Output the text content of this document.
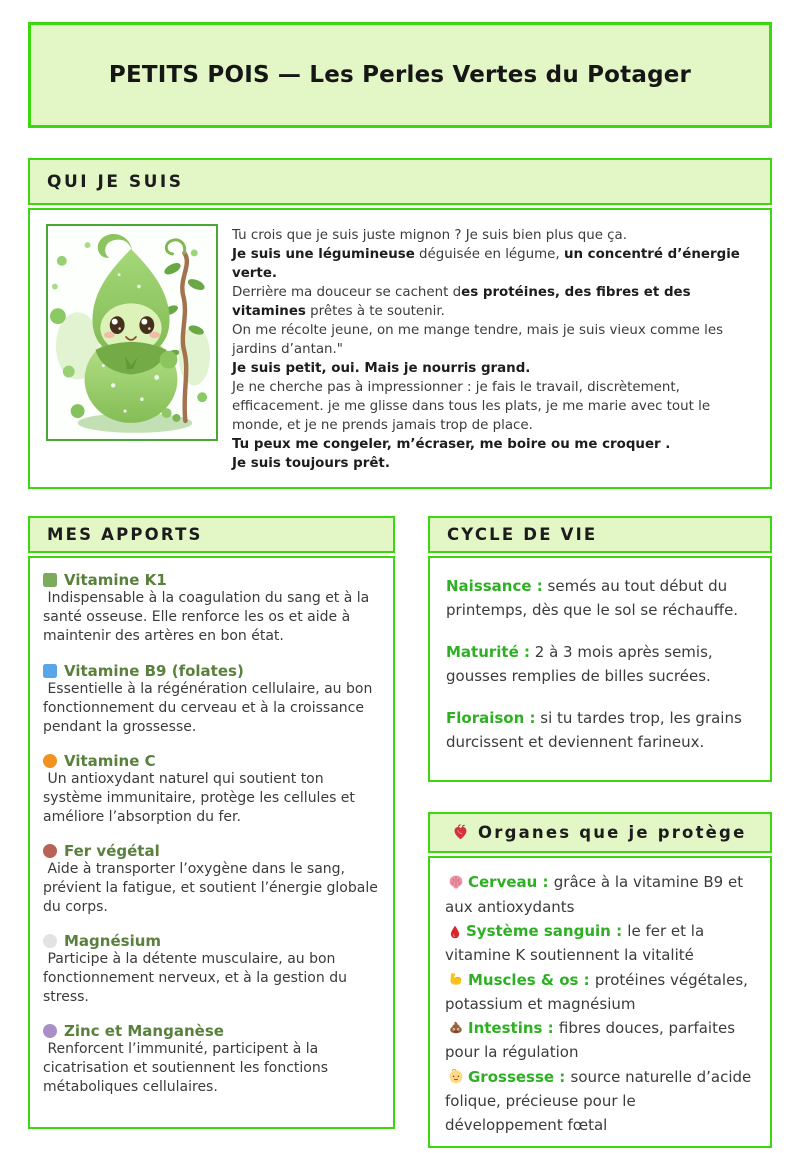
PETITS POIS — Les Perles Vertes du Potager
QUI JE SUIS
Tu crois que je suis juste mignon ? Je suis bien plus que ça.
Je suis une légumineuse déguisée en légume, un concentré d’énergie verte.
Derrière ma douceur se cachent des protéines, des fibres et des vitamines prêtes à te soutenir.
On me récolte jeune, on me mange tendre, mais je suis vieux comme les jardins d’antan."
Je suis petit, oui. Mais je nourris grand.
Je ne cherche pas à impressionner : je fais le travail, discrètement, efficacement. je me glisse dans tous les plats, je me marie avec tout le monde, et je ne prends jamais trop de place.
Tu peux me congeler, m’écraser, me boire ou me croquer .
Je suis toujours prêt.
MES APPORTS
Vitamine K1
Indispensable à la coagulation du sang et à la santé osseuse. Elle renforce les os et aide à maintenir des artères en bon état.
Vitamine B9 (folates)
Essentielle à la régénération cellulaire, au bon fonctionnement du cerveau et à la croissance pendant la grossesse.
Vitamine C
Un antioxydant naturel qui soutient ton système immunitaire, protège les cellules et améliore l’absorption du fer.
Fer végétal
Aide à transporter l’oxygène dans le sang, prévient la fatigue, et soutient l’énergie globale du corps.
Magnésium
Participe à la détente musculaire, au bon fonctionnement nerveux, et à la gestion du stress.
Zinc et Manganèse
Renforcent l’immunité, participent à la cicatrisation et soutiennent les fonctions métaboliques cellulaires.
CYCLE DE VIE

Naissance : semés au tout début du printemps, dès que le sol se réchauffe.

Maturité : 2 à 3 mois après semis, gousses remplies de billes sucrées.

Floraison : si tu tardes trop, les grains durcissent et deviennent farineux.

Organes que je protège
Cerveau : grâce à la vitamine B9 et aux antioxydants
Système sanguin : le fer et la vitamine K soutiennent la vitalité
Muscles & os : protéines végétales, potassium et magnésium
Intestins : fibres douces, parfaites pour la régulation
Grossesse : source naturelle d’acide folique, précieuse pour le développement fœtal
